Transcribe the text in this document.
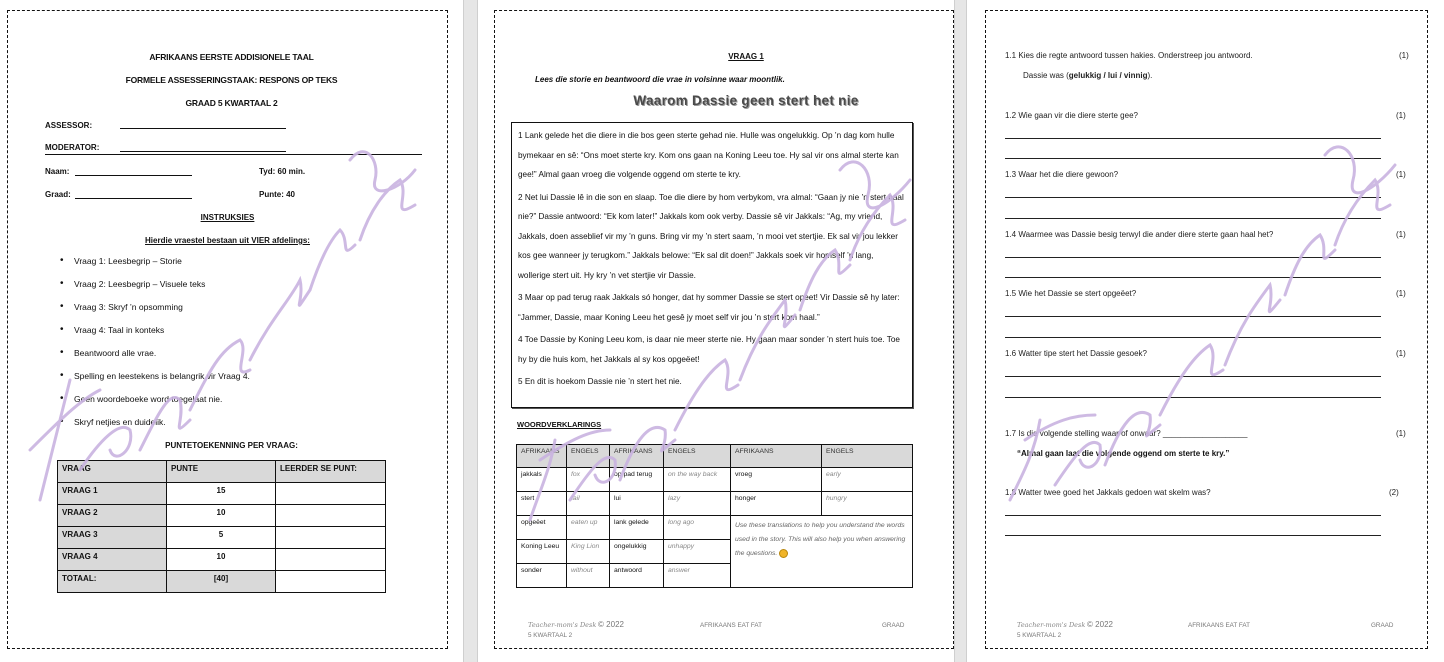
AFRIKAANS EERSTE ADDISIONELE TAAL
FORMELE ASSESSERINGSTAAK: RESPONS OP TEKS
GRAAD 5 KWARTAAL 2
ASSESSOR:
MODERATOR:
Naam:	Tyd: 60 min.
Graad:	Punte: 40
INSTRUKSIES
Hierdie vraestel bestaan uit VIER afdelings:
• Vraag 1: Leesbegrip – Storie
• Vraag 2: Leesbegrip – Visuele teks
• Vraag 3: Skryf ’n opsomming
• Vraag 4: Taal in konteks
• Beantwoord alle vrae.
• Spelling en leestekens is belangrik vir Vraag 4.
• Geen woordeboeke word toegelaat nie.
• Skryf netjies en duidelik.
PUNTETOEKENNING PER VRAAG:
VRAAG	PUNTE	LEERDER SE PUNT:
VRAAG 1	15	
VRAAG 2	10	
VRAAG 3	5	
VRAAG 4	10	
TOTAAL:	[40]	
VRAAG 1
Lees die storie en beantwoord die vrae in volsinne waar moontlik.
Waarom Dassie geen stert het nie

1 Lank gelede het die diere in die bos geen sterte gehad nie. Hulle was ongelukkig. Op ’n dag kom hulle bymekaar en sê: “Ons moet sterte kry. Kom ons gaan na Koning Leeu toe. Hy sal vir ons almal sterte kan gee!” Almal gaan vroeg die volgende oggend om sterte te kry.

2 Net lui Dassie lê in die son en slaap. Toe die diere by hom verbykom, vra almal: “Gaan jy nie ’n stert haal nie?” Dassie antwoord: “Ek kom later!” Jakkals kom ook verby. Dassie sê vir Jakkals: “Ag, my vriend, Jakkals, doen asseblief vir my ’n guns. Bring vir my ’n stert saam, ’n mooi vet stertjie. Ek sal vir jou lekker kos gee wanneer jy terugkom.” Jakkals belowe: “Ek sal dit doen!” Jakkals soek vir homself ’n lang, wollerige stert uit. Hy kry ’n vet stertjie vir Dassie.

3 Maar op pad terug raak Jakkals só honger, dat hy sommer Dassie se stert opeet! Vir Dassie sê hy later: “Jammer, Dassie, maar Koning Leeu het gesê jy moet self vir jou ’n stert kom haal.”

4 Toe Dassie by Koning Leeu kom, is daar nie meer sterte nie. Hy gaan maar sonder ’n stert huis toe. Toe hy by die huis kom, het Jakkals al sy kos opgeëet!

5 En dit is hoekom Dassie nie ’n stert het nie.

WOORDVERKLARINGS
AFRIKAANS	ENGELS	AFRIKAANS	ENGELS	AFRIKAANS	ENGELS
jakkals	fox	op pad terug	on the way back	vroeg	early
stert	tail	lui	lazy	honger	hungry
opgeëet	eaten up	lank gelede	long ago	Use these translations to help you understand the words used in the story. This will also help you when answering the questions.	
Koning Leeu	King Lion	ongelukkig	unhappy		
sonder	without	antwoord	answer		
Teacher-mom's Desk © 2022
5 KWARTAAL 2
AFRIKAANS EAT FAT	GRAAD
1.1 Kies die regte antwoord tussen hakies. Onderstreep jou antwoord.	(1)
Dassie was (gelukkig / lui / vinnig).
1.2 Wie gaan vir die diere sterte gee?	(1)
1.3 Waar het die diere gewoon?	(1)
1.4 Waarmee was Dassie besig terwyl die ander diere sterte gaan haal het?	(1)
1.5 Wie het Dassie se stert opgeëet?	(1)
1.6 Watter tipe stert het Dassie gesoek?	(1)
1.7 Is die volgende stelling waar of onwaar? ___________________	(1)
“Almal gaan laat die volgende oggend om sterte te kry.”
1.8 Watter twee goed het Jakkals gedoen wat skelm was?	(2)
Teacher-mom's Desk © 2022
5 KWARTAAL 2
AFRIKAANS EAT FAT	GRAAD
